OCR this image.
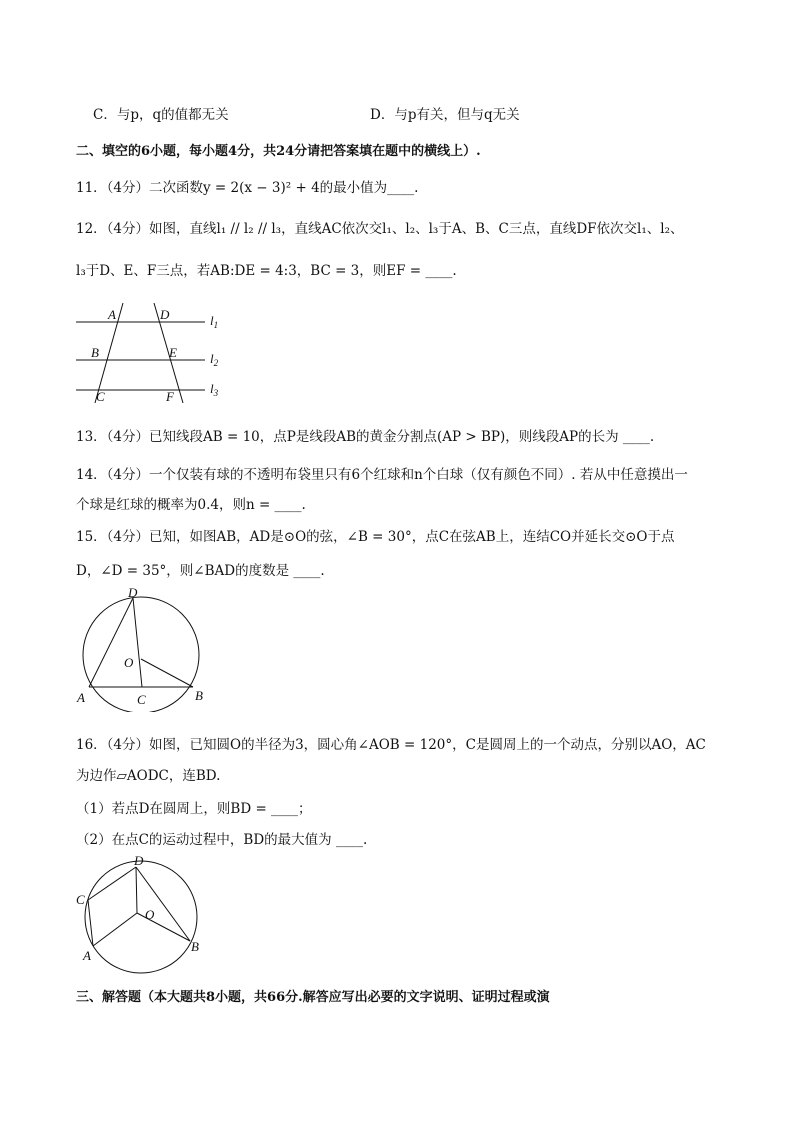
C．与p，q的值都无关	D．与p有关，但与q无关
二、填空的6小题，每小题4分，共24分请把答案填在题中的横线上）.
11．（4分）二次函数y = 2(x − 3)² + 4的最小值为____.
12．（4分）如图，直线l₁ // l₂ // l₃，直线AC依次交l₁、l₂、l₃于A、B、C三点，直线DF依次交l₁、l₂、
l₃于D、E、F三点，若AB:DE = 4:3，BC = 3，则EF = ____.
A	D
B	E
C	F
$l_1$
$l_2$
$l_3$
13．（4分）已知线段AB = 10，点P是线段AB的黄金分割点(AP > BP)，则线段AP的长为 ____.
14．（4分）一个仅装有球的不透明布袋里只有6个红球和n个白球（仅有颜色不同）. 若从中任意摸出一
个球是红球的概率为0.4，则n = ____.
15．（4分）已知，如图AB，AD是⊙O的弦，∠B = 30°，点C在弦AB上，连结CO并延长交⊙O于点
D，∠D = 35°，则∠BAD的度数是 ____.
D
O
A	C	B
16．（4分）如图，已知圆O的半径为3，圆心角∠AOB = 120°，C是圆周上的一个动点，分别以AO，AC
为边作▱AODC，连BD.
（1）若点D在圆周上，则BD = ____；
（2）在点C的运动过程中，BD的最大值为 ____.
D
C
O
A
B
三、解答题（本大题共8小题，共66分.解答应写出必要的文字说明、证明过程或演
